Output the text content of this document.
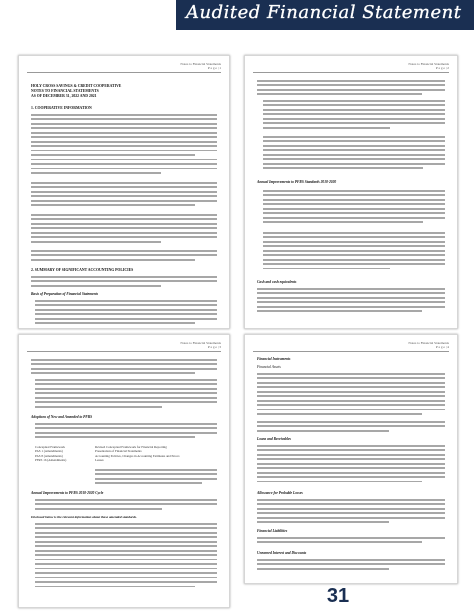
Audited Financial Statement
Notes to Financial Statements
P a g e | 1
HOLY CROSS SAVINGS & CREDIT COOPERATIVE
NOTES TO FINANCIAL STATEMENTS
AS OF DECEMBER 31, 2022 AND 2021
1. COOPERATIVE INFORMATION
2. SUMMARY OF SIGNIFICANT ACCOUNTING POLICIES
Basis of Preparation of Financial Statements
Notes to Financial Statements
P a g e | 2
Annual Improvements to PFRS Standards 2018-2020
Cash and cash equivalents
Notes to Financial Statements
P a g e | 3
Adoptions of New and Amended to PFRS
Conceptual Framework	Revised Conceptual Framework for Financial Reporting
PAS 1 (Amendments)	Presentation of Financial Statements
PAS 8 (Amendments)	Accounting Policies, Changes in Accounting Estimates and Errors
PFRS 16 (Amendments)	Leases
Annual Improvements to PFRS 2018-2020 Cycle
Disclosed below is the relevant information about these amended standards.
Notes to Financial Statements
P a g e | 4
Financial Instruments
Financial Assets
Loans and Receivables
Allowance for Probable Losses
Financial Liabilities
Unearned Interest and Discounts
31
